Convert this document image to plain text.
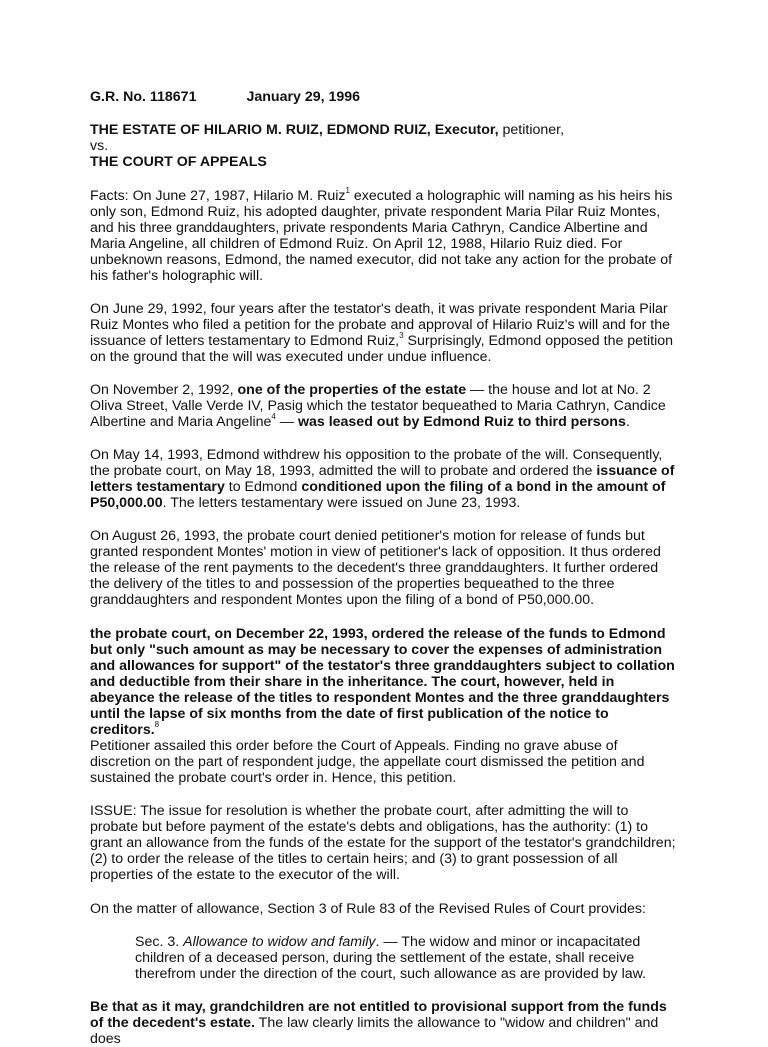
G.R. No. 118671	January 29, 1996

THE ESTATE OF HILARIO M. RUIZ, EDMOND RUIZ, Executor, petitioner,
vs.
THE COURT OF APPEALS

Facts: On June 27, 1987, Hilario M. Ruiz$^1$ executed a holographic will naming as his heirs his only son, Edmond Ruiz, his adopted daughter, private respondent Maria Pilar Ruiz Montes, and his three granddaughters, private respondents Maria Cathryn, Candice Albertine and Maria Angeline, all children of Edmond Ruiz. On April 12, 1988, Hilario Ruiz died. For unbeknown reasons, Edmond, the named executor, did not take any action for the probate of his father's holographic will.

On June 29, 1992, four years after the testator's death, it was private respondent Maria Pilar Ruiz Montes who filed a petition for the probate and approval of Hilario Ruiz's will and for the issuance of letters testamentary to Edmond Ruiz,$^3$ Surprisingly, Edmond opposed the petition on the ground that the will was executed under undue influence.

On November 2, 1992, one of the properties of the estate — the house and lot at No. 2 Oliva Street, Valle Verde IV, Pasig which the testator bequeathed to Maria Cathryn, Candice Albertine and Maria Angeline$^4$ — was leased out by Edmond Ruiz to third persons.

On May 14, 1993, Edmond withdrew his opposition to the probate of the will. Consequently, the probate court, on May 18, 1993, admitted the will to probate and ordered the issuance of letters testamentary to Edmond conditioned upon the filing of a bond in the amount of P50,000.00. The letters testamentary were issued on June 23, 1993.

On August 26, 1993, the probate court denied petitioner's motion for release of funds but granted respondent Montes' motion in view of petitioner's lack of opposition. It thus ordered the release of the rent payments to the decedent's three granddaughters. It further ordered the delivery of the titles to and possession of the properties bequeathed to the three granddaughters and respondent Montes upon the filing of a bond of P50,000.00.

the probate court, on December 22, 1993, ordered the release of the funds to Edmond but only "such amount as may be necessary to cover the expenses of administration and allowances for support" of the testator's three granddaughters subject to collation and deductible from their share in the inheritance. The court, however, held in abeyance the release of the titles to respondent Montes and the three granddaughters until the lapse of six months from the date of first publication of the notice to creditors.$^8$

Petitioner assailed this order before the Court of Appeals. Finding no grave abuse of discretion on the part of respondent judge, the appellate court dismissed the petition and sustained the probate court's order in. Hence, this petition.

ISSUE: The issue for resolution is whether the probate court, after admitting the will to probate but before payment of the estate's debts and obligations, has the authority: (1) to grant an allowance from the funds of the estate for the support of the testator's grandchildren; (2) to order the release of the titles to certain heirs; and (3) to grant possession of all properties of the estate to the executor of the will.

On the matter of allowance, Section 3 of Rule 83 of the Revised Rules of Court provides:

Sec. 3. Allowance to widow and family. — The widow and minor or incapacitated children of a deceased person, during the settlement of the estate, shall receive therefrom under the direction of the court, such allowance as are provided by law.

Be that as it may, grandchildren are not entitled to provisional support from the funds of the decedent's estate. The law clearly limits the allowance to "widow and children" and does
